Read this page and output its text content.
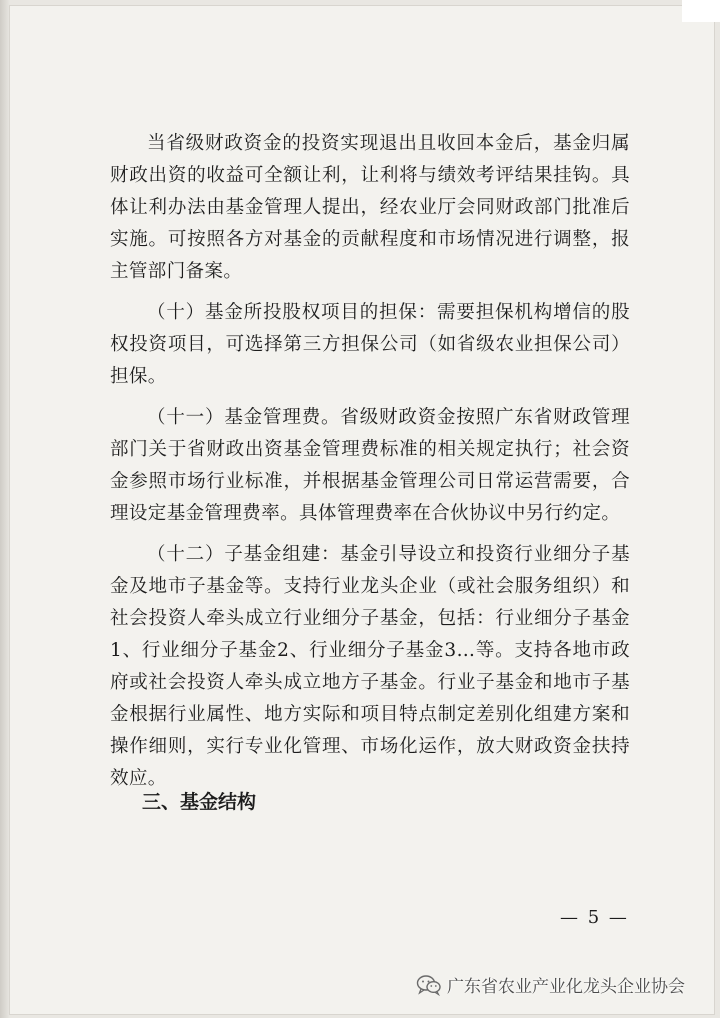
当省级财政资金的投资实现退出且收回本金后，基金归属财政出资的收益可全额让利，让利将与绩效考评结果挂钩。具体让利办法由基金管理人提出，经农业厅会同财政部门批准后实施。可按照各方对基金的贡献程度和市场情况进行调整，报主管部门备案。

（十）基金所投股权项目的担保：需要担保机构增信的股权投资项目，可选择第三方担保公司（如省级农业担保公司）担保。

（十一）基金管理费。省级财政资金按照广东省财政管理部门关于省财政出资基金管理费标准的相关规定执行；社会资金参照市场行业标准，并根据基金管理公司日常运营需要，合理设定基金管理费率。具体管理费率在合伙协议中另行约定。

（十二）子基金组建：基金引导设立和投资行业细分子基金及地市子基金等。支持行业龙头企业（或社会服务组织）和社会投资人牵头成立行业细分子基金，包括：行业细分子基金1、行业细分子基金2、行业细分子基金3…等。支持各地市政府或社会投资人牵头成立地方子基金。行业子基金和地市子基金根据行业属性、地方实际和项目特点制定差别化组建方案和操作细则，实行专业化管理、市场化运作，放大财政资金扶持效应。

三、基金结构
— 5 —
广东省农业产业化龙头企业协会
